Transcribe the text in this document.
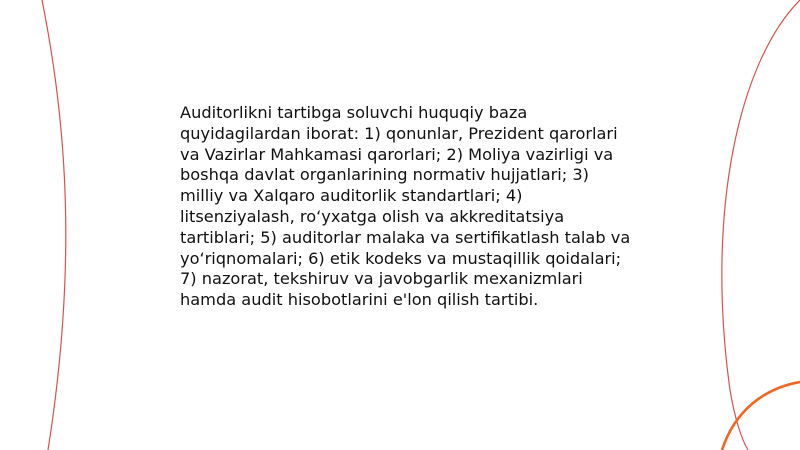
Auditorlikni tartibga soluvchi huquqiy baza quyidagilardan iborat: 1) qonunlar, Prezident qarorlari va Vazirlar Mahkamasi qarorlari; 2) Moliya vazirligi va boshqa davlat organlarining normativ hujjatlari; 3) milliy va Xalqaro auditorlik standartlari; 4) litsenziyalash, ro‘yxatga olish va akkreditatsiya tartiblari; 5) auditorlar malaka va sertifikatlash talab va yo‘riqnomalari; 6) etik kodeks va mustaqillik qoidalari; 7) nazorat, tekshiruv va javobgarlik mexanizmlari hamda audit hisobotlarini e'lon qilish tartibi.
